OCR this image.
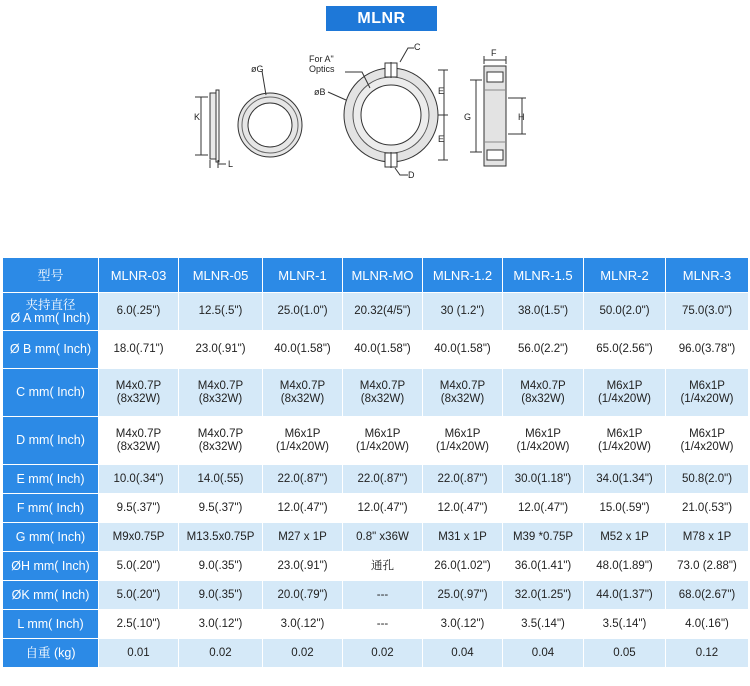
MLNR
K
L
øG
For A"
Optics
øB
C
D
E
E
F
G	H
型号	MLNR-03	MLNR-05	MLNR-1	MLNR-MO	MLNR-1.2	MLNR-1.5	MLNR-2	MLNR-3

夹持直径
Ø A mm( Inch)	6.0(.25")	12.5(.5")	25.0(1.0")	20.32(4/5")	30 (1.2")	38.0(1.5")	50.0(2.0")	75.0(3.0")

Ø B mm( Inch)	18.0(.71")	23.0(.91")	40.0(1.58")	40.0(1.58")	40.0(1.58")	56.0(2.2")	65.0(2.56")	96.0(3.78")

C mm( Inch)	M4x0.7P
(8x32W)	M4x0.7P
(8x32W)	M4x0.7P
(8x32W)	M4x0.7P
(8x32W)	M4x0.7P
(8x32W)	M4x0.7P
(8x32W)	M6x1P
(1/4x20W)	M6x1P
(1/4x20W)

D mm( Inch)	M4x0.7P
(8x32W)	M4x0.7P
(8x32W)	M6x1P
(1/4x20W)	M6x1P
(1/4x20W)	M6x1P
(1/4x20W)	M6x1P
(1/4x20W)	M6x1P
(1/4x20W)	M6x1P
(1/4x20W)

E mm( Inch)	10.0(.34")	14.0(.55)	22.0(.87")	22.0(.87")	22.0(.87")	30.0(1.18")	34.0(1.34")	50.8(2.0")

F mm( Inch)	9.5(.37")	9.5(.37")	12.0(.47")	12.0(.47")	12.0(.47")	12.0(.47")	15.0(.59")	21.0(.53")

G mm( Inch)	M9x0.75P	M13.5x0.75P	M27 x 1P	0.8" x36W	M31 x 1P	M39 *0.75P	M52 x 1P	M78 x 1P

ØH mm( Inch)	5.0(.20")	9.0(.35")	23.0(.91")	通孔	26.0(1.02")	36.0(1.41")	48.0(1.89")	73.0 (2.88")

ØK mm( Inch)	5.0(.20")	9.0(.35")	20.0(.79")	---	25.0(.97")	32.0(1.25")	44.0(1.37")	68.0(2.67")

L mm( Inch)	2.5(.10")	3.0(.12")	3.0(.12")	---	3.0(.12")	3.5(.14")	3.5(.14")	4.0(.16")

自重 (kg)	0.01	0.02	0.02	0.02	0.04	0.04	0.05	0.12
